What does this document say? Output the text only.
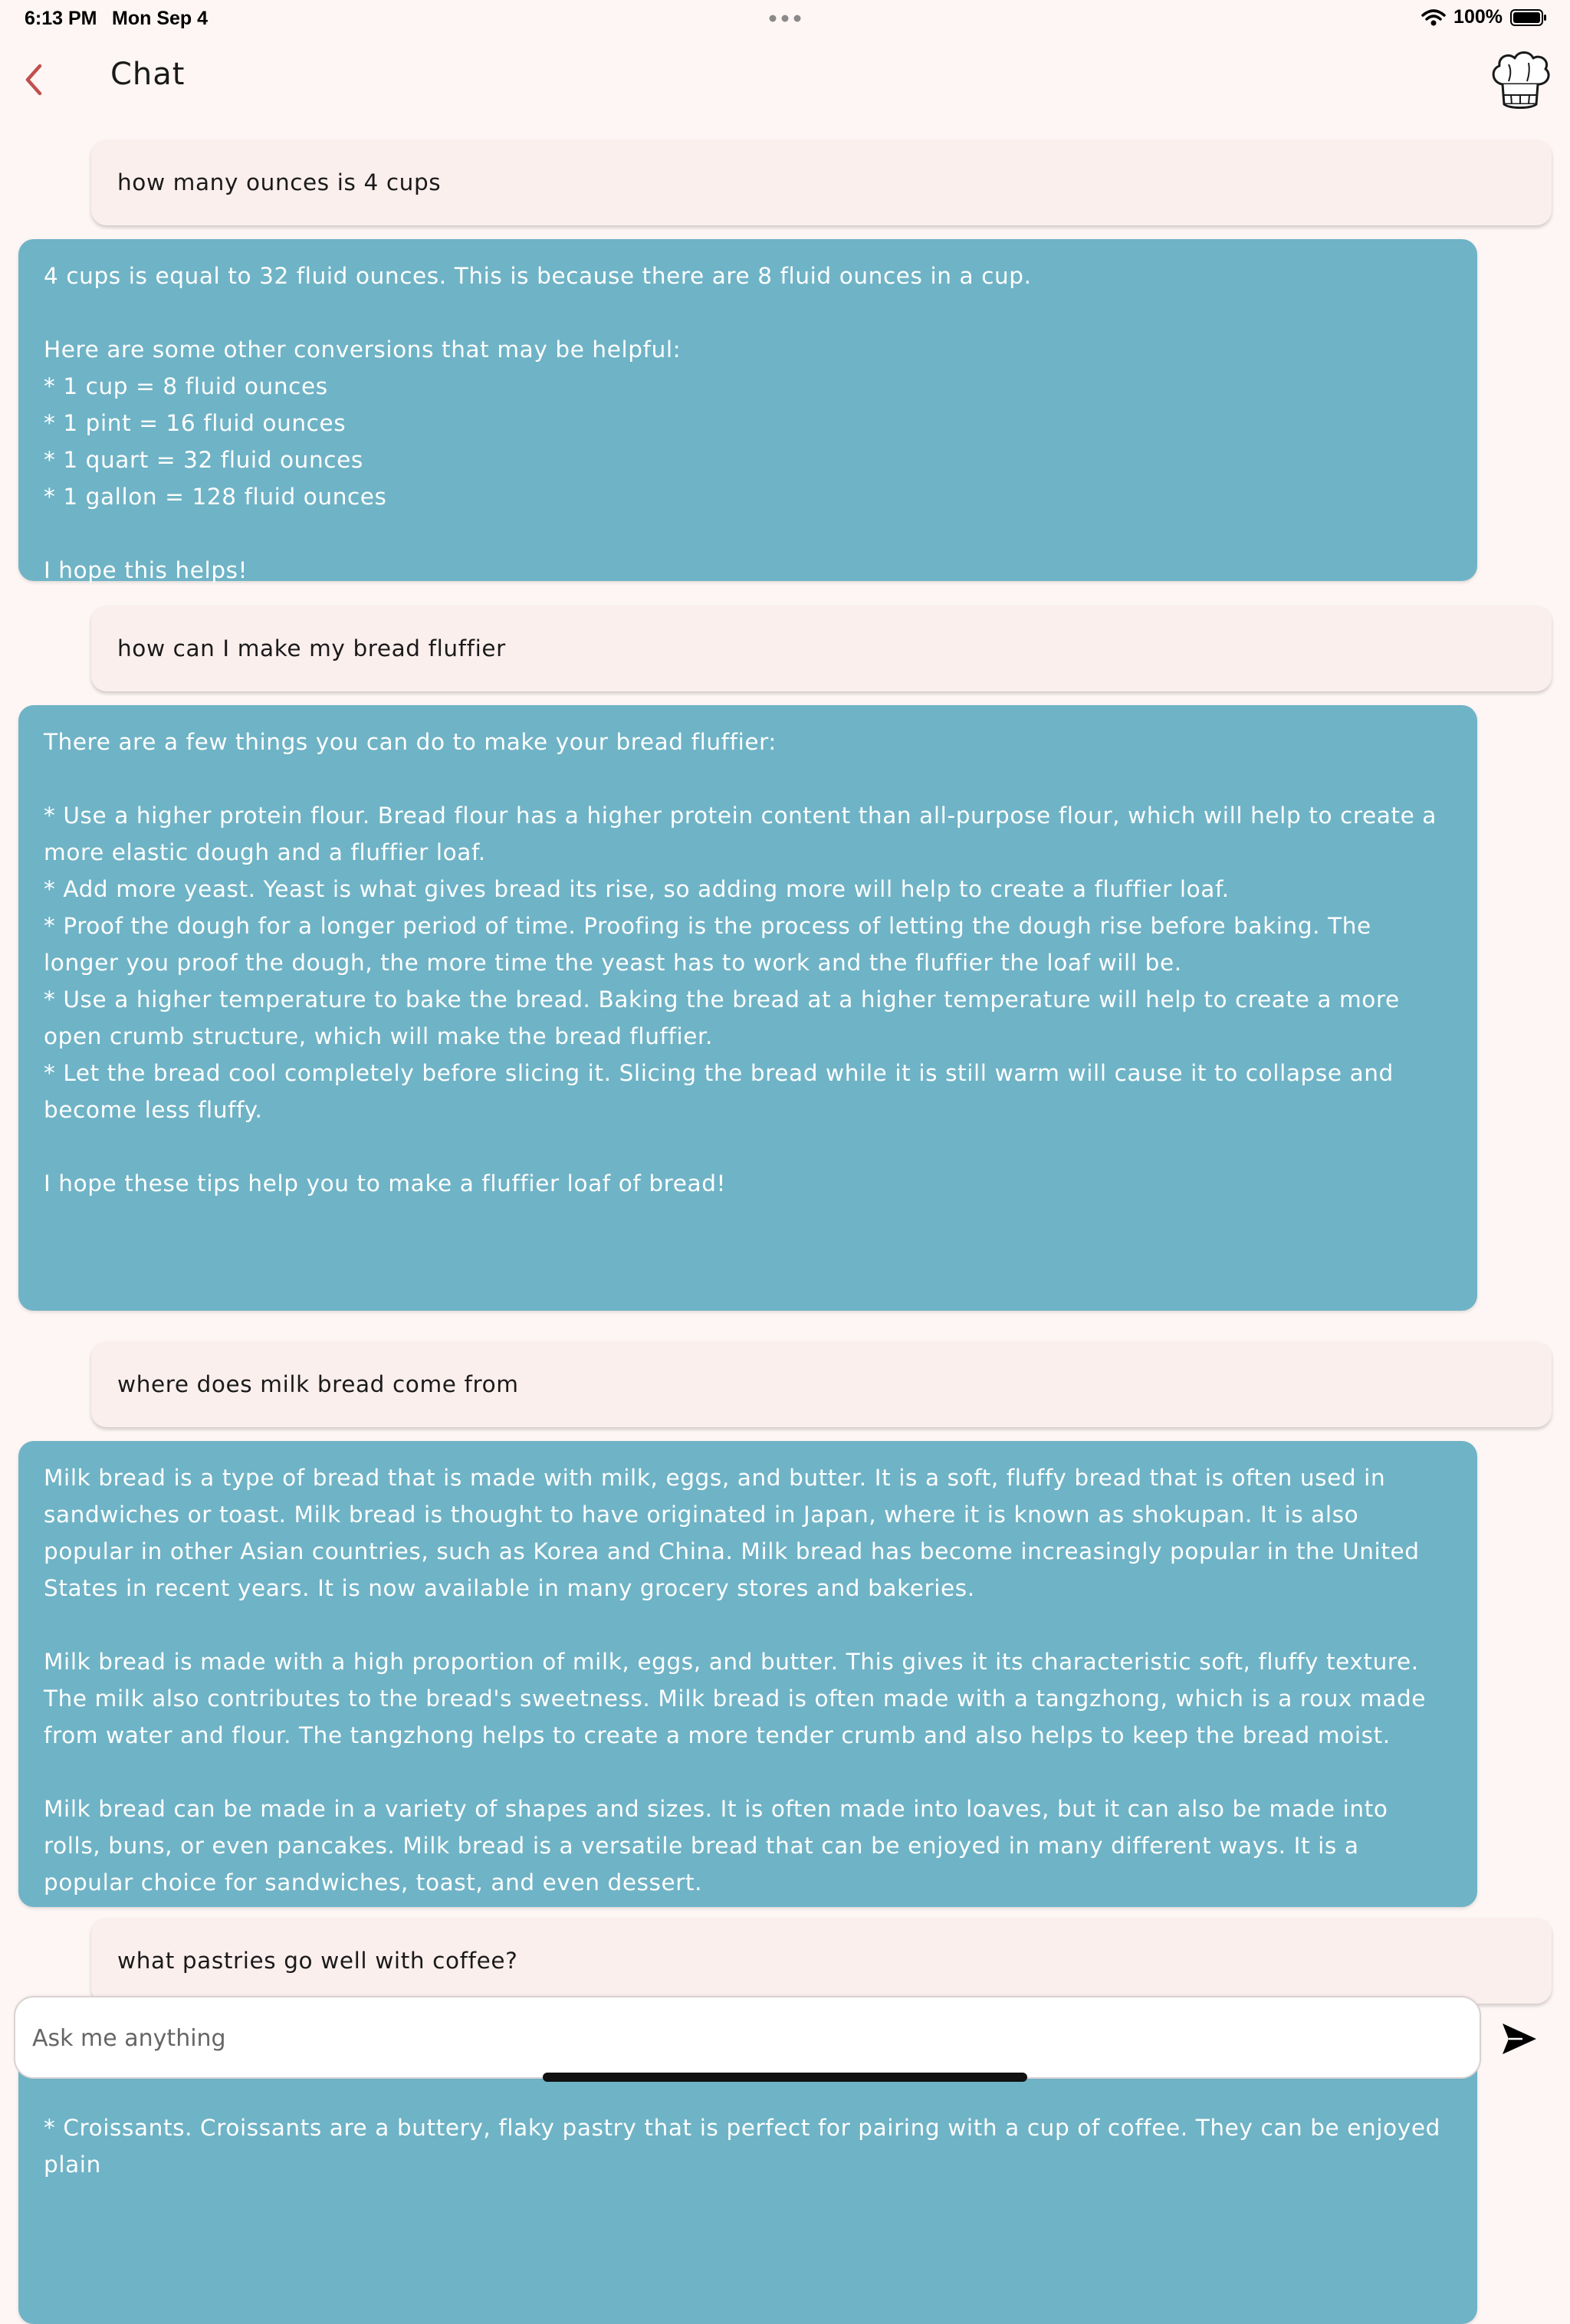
6:13 PM Mon Sep 4	100%
Chat
how many ounces is 4 cups
4 cups is equal to 32 fluid ounces. This is because there are 8 fluid ounces in a cup.

Here are some other conversions that may be helpful:
* 1 cup = 8 fluid ounces
* 1 pint = 16 fluid ounces
* 1 quart = 32 fluid ounces
* 1 gallon = 128 fluid ounces

I hope this helps!
how can I make my bread fluffier
There are a few things you can do to make your bread fluffier:

* Use a higher protein flour. Bread flour has a higher protein content than all-purpose flour, which will help to create a more elastic dough and a fluffier loaf.
* Add more yeast. Yeast is what gives bread its rise, so adding more will help to create a fluffier loaf.
* Proof the dough for a longer period of time. Proofing is the process of letting the dough rise before baking. The longer you proof the dough, the more time the yeast has to work and the fluffier the loaf will be.
* Use a higher temperature to bake the bread. Baking the bread at a higher temperature will help to create a more open crumb structure, which will make the bread fluffier.
* Let the bread cool completely before slicing it. Slicing the bread while it is still warm will cause it to collapse and become less fluffy.

I hope these tips help you to make a fluffier loaf of bread!
where does milk bread come from
Milk bread is a type of bread that is made with milk, eggs, and butter. It is a soft, fluffy bread that is often used in sandwiches or toast. Milk bread is thought to have originated in Japan, where it is known as shokupan. It is also popular in other Asian countries, such as Korea and China. Milk bread has become increasingly popular in the United States in recent years. It is now available in many grocery stores and bakeries.

Milk bread is made with a high proportion of milk, eggs, and butter. This gives it its characteristic soft, fluffy texture. The milk also contributes to the bread's sweetness. Milk bread is often made with a tangzhong, which is a roux made from water and flour. The tangzhong helps to create a more tender crumb and also helps to keep the bread moist.

Milk bread can be made in a variety of shapes and sizes. It is often made into loaves, but it can also be made into rolls, buns, or even pancakes. Milk bread is a versatile bread that can be enjoyed in many different ways. It is a popular choice for sandwiches, toast, and even dessert.
what pastries go well with coffee?

* Croissants. Croissants are a buttery, flaky pastry that is perfect for pairing with a cup of coffee. They can be enjoyed plain
Ask me anything
